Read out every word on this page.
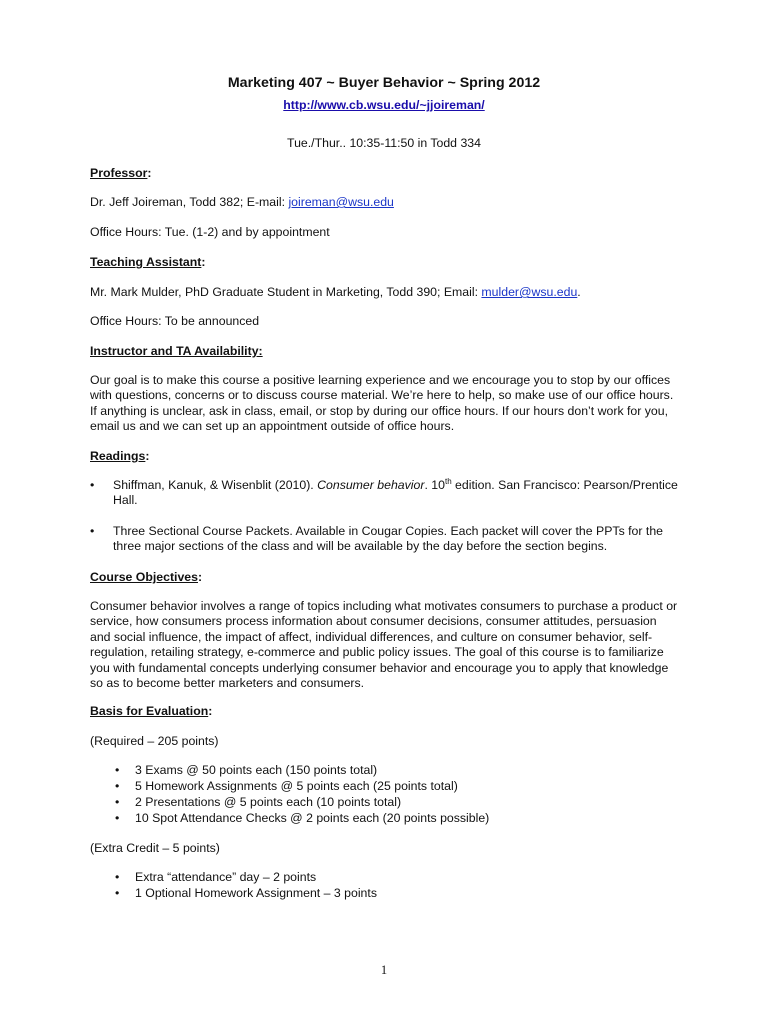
Marketing 407 ~ Buyer Behavior ~ Spring 2012
http://www.cb.wsu.edu/~jjoireman/
Tue./Thur.. 10:35-11:50 in Todd 334
Professor:
Dr. Jeff Joireman, Todd 382; E-mail: joireman@wsu.edu
Office Hours: Tue. (1-2) and by appointment
Teaching Assistant:
Mr. Mark Mulder, PhD Graduate Student in Marketing, Todd 390; Email: mulder@wsu.edu.
Office Hours: To be announced
Instructor and TA Availability:
Our goal is to make this course a positive learning experience and we encourage you to stop by our offices with questions, concerns or to discuss course material. We’re here to help, so make use of our office hours. If anything is unclear, ask in class, email, or stop by during our office hours. If our hours don’t work for you, email us and we can set up an appointment outside of office hours.
Readings:
• Shiffman, Kanuk, & Wisenblit (2010). Consumer behavior. 10th edition. San Francisco: Pearson/Prentice Hall.
• Three Sectional Course Packets. Available in Cougar Copies. Each packet will cover the PPTs for the three major sections of the class and will be available by the day before the section begins.
Course Objectives:
Consumer behavior involves a range of topics including what motivates consumers to purchase a product or service, how consumers process information about consumer decisions, consumer attitudes, persuasion and social influence, the impact of affect, individual differences, and culture on consumer behavior, self-regulation, retailing strategy, e-commerce and public policy issues. The goal of this course is to familiarize you with fundamental concepts underlying consumer behavior and encourage you to apply that knowledge so as to become better marketers and consumers.
Basis for Evaluation:
(Required – 205 points)
• 3 Exams @ 50 points each (150 points total)
• 5 Homework Assignments @ 5 points each (25 points total)
• 2 Presentations @ 5 points each (10 points total)
• 10 Spot Attendance Checks @ 2 points each (20 points possible)
(Extra Credit – 5 points)
• Extra “attendance” day – 2 points
• 1 Optional Homework Assignment – 3 points
1
